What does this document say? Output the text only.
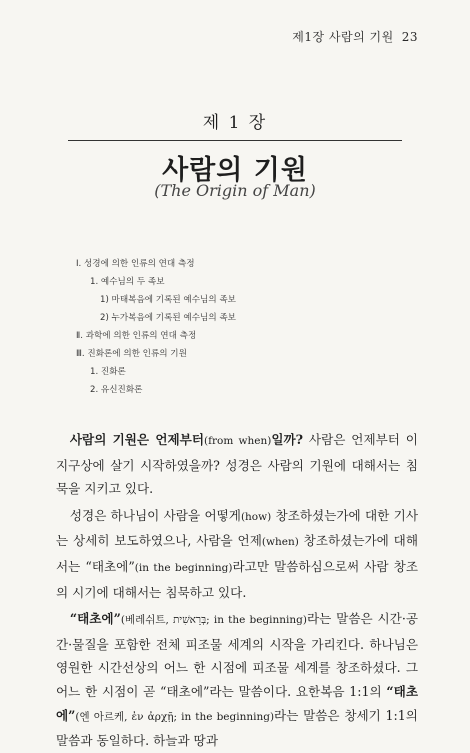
제1장 사람의 기원 23
제 1 장
사람의 기원
(The Origin of Man)
Ⅰ. 성경에 의한 인류의 연대 측정
1. 예수님의 두 족보
1) 마태복음에 기록된 예수님의 족보
2) 누가복음에 기록된 예수님의 족보
Ⅱ. 과학에 의한 인류의 연대 측정
Ⅲ. 진화론에 의한 인류의 기원
1. 진화론
2. 유신진화론

사람의 기원은 언제부터(from when)일까? 사람은 언제부터 이 지구상에 살기 시작하였을까? 성경은 사람의 기원에 대해서는 침묵을 지키고 있다.

성경은 하나님이 사람을 어떻게(how) 창조하셨는가에 대한 기사는 상세히 보도하였으나, 사람을 언제(when) 창조하셨는가에 대해서는 “태초에”(in the beginning)라고만 말씀하심으로써 사람 창조의 시기에 대해서는 침묵하고 있다.

“태초에”(베레쉬트, בְּרֵאשִׁית; in the beginning)라는 말씀은 시간·공간·물질을 포함한 전체 피조물 세계의 시작을 가리킨다. 하나님은 영원한 시간선상의 어느 한 시점에 피조물 세계를 창조하셨다. 그 어느 한 시점이 곧 “태초에”라는 말씀이다. 요한복음 1:1의 “태초에”(엔 아르케, ἐν ἀρχῇ; in the beginning)라는 말씀은 창세기 1:1의 말씀과 동일하다. 하늘과 땅과
